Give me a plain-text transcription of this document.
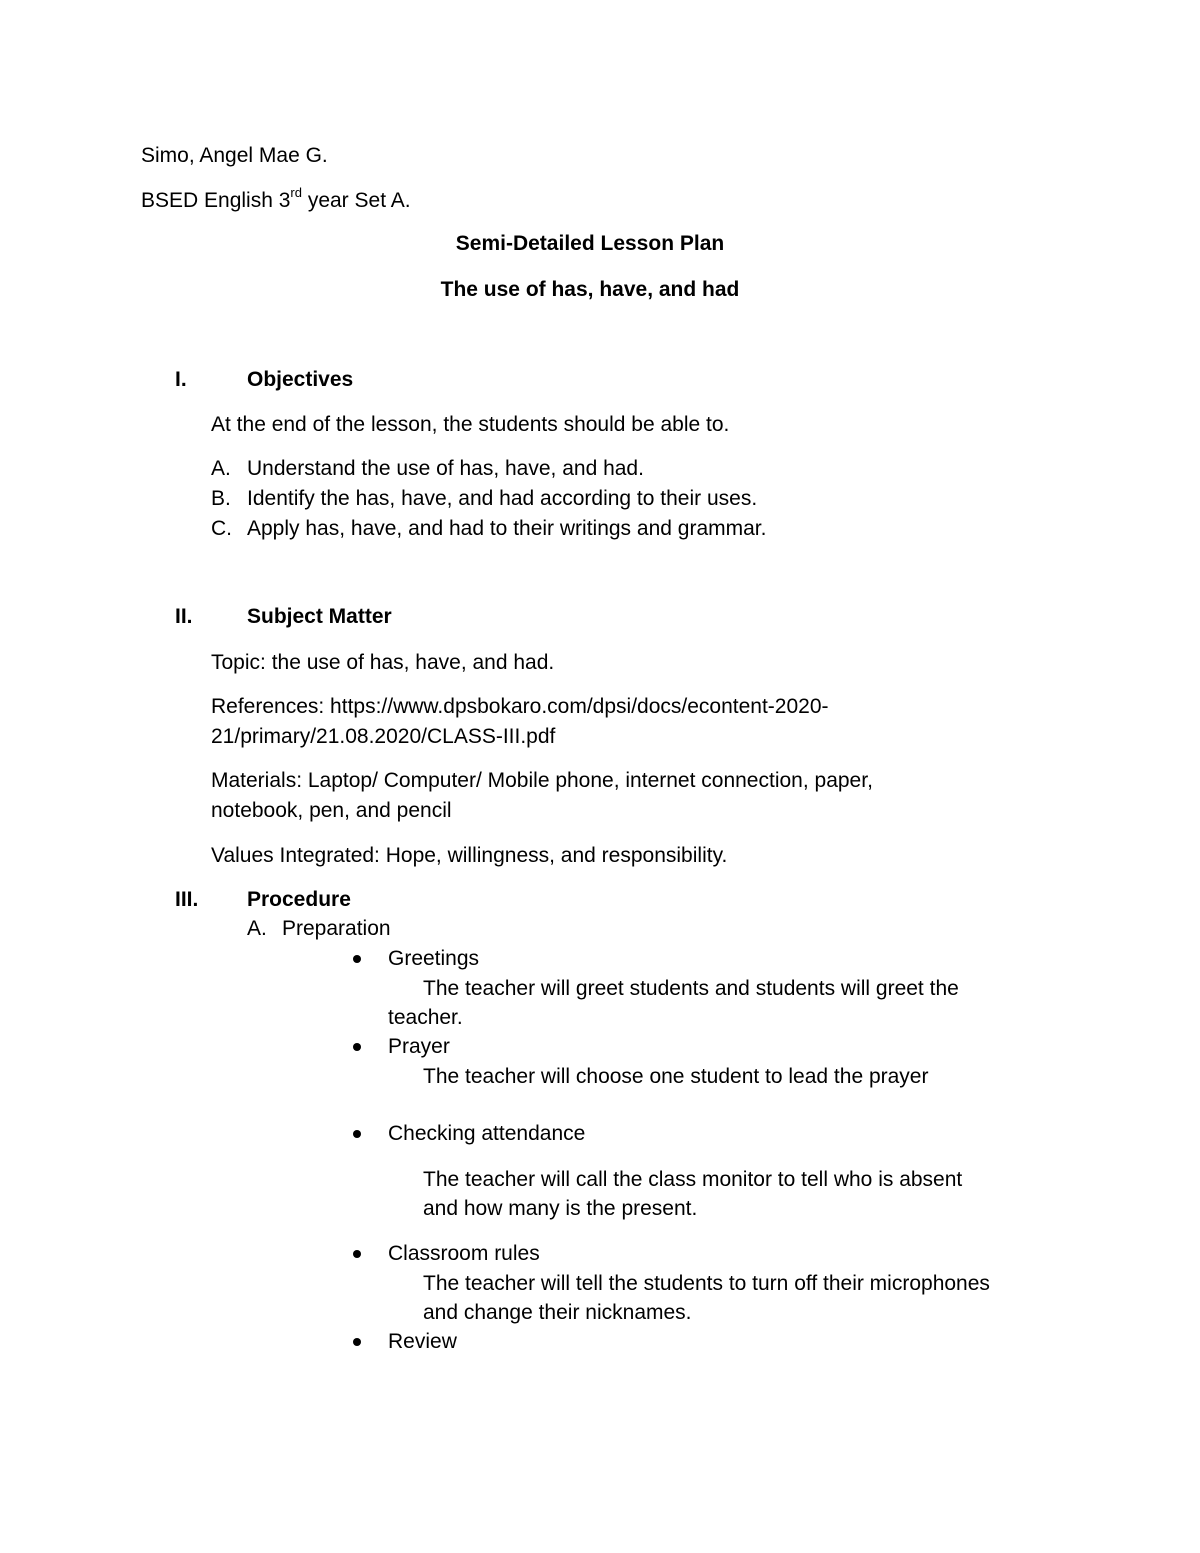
Simo, Angel Mae G.
BSED English 3rd year Set A.
Semi-Detailed Lesson Plan
The use of has, have, and had
I.	Objectives
At the end of the lesson, the students should be able to.
A. Understand the use of has, have, and had.
B. Identify the has, have, and had according to their uses.
C. Apply has, have, and had to their writings and grammar.
II.	Subject Matter
Topic: the use of has, have, and had.
References: https://www.dpsbokaro.com/dpsi/docs/econtent-2020-
21/primary/21.08.2020/CLASS-III.pdf
Materials: Laptop/ Computer/ Mobile phone, internet connection, paper,
notebook, pen, and pencil
Values Integrated: Hope, willingness, and responsibility.
III. Procedure
A. Preparation
Greetings
The teacher will greet students and students will greet the
teacher.
Prayer
The teacher will choose one student to lead the prayer
Checking attendance
The teacher will call the class monitor to tell who is absent
and how many is the present.
Classroom rules
The teacher will tell the students to turn off their microphones
and change their nicknames.
Review
